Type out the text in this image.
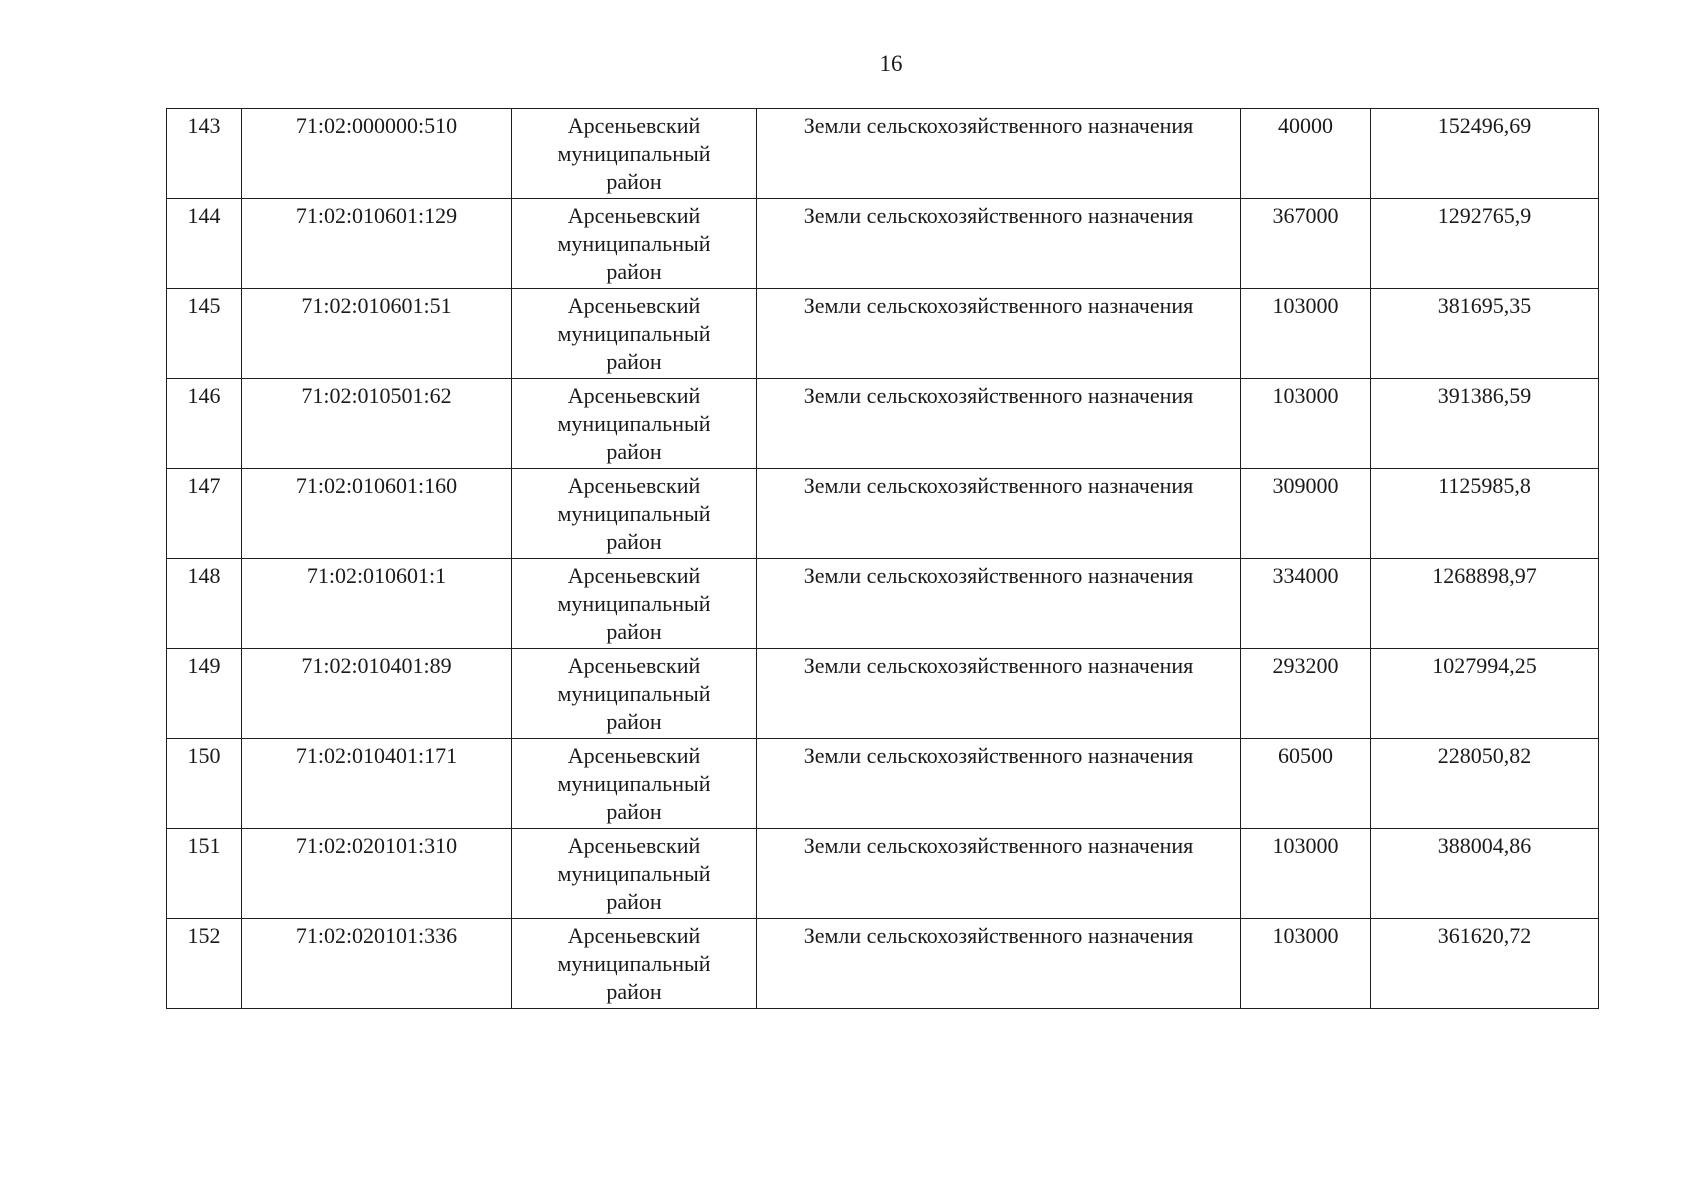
16
143	71:02:000000:510	Арсеньевский
муниципальный
район	Земли сельскохозяйственного назначения	40000	152496,69
144	71:02:010601:129	Арсеньевский
муниципальный
район	Земли сельскохозяйственного назначения	367000	1292765,9
145	71:02:010601:51	Арсеньевский
муниципальный
район	Земли сельскохозяйственного назначения	103000	381695,35
146	71:02:010501:62	Арсеньевский
муниципальный
район	Земли сельскохозяйственного назначения	103000	391386,59
147	71:02:010601:160	Арсеньевский
муниципальный
район	Земли сельскохозяйственного назначения	309000	1125985,8
148	71:02:010601:1	Арсеньевский
муниципальный
район	Земли сельскохозяйственного назначения	334000	1268898,97
149	71:02:010401:89	Арсеньевский
муниципальный
район	Земли сельскохозяйственного назначения	293200	1027994,25
150	71:02:010401:171	Арсеньевский
муниципальный
район	Земли сельскохозяйственного назначения	60500	228050,82
151	71:02:020101:310	Арсеньевский
муниципальный
район	Земли сельскохозяйственного назначения	103000	388004,86
152	71:02:020101:336	Арсеньевский
муниципальный
район	Земли сельскохозяйственного назначения	103000	361620,72
